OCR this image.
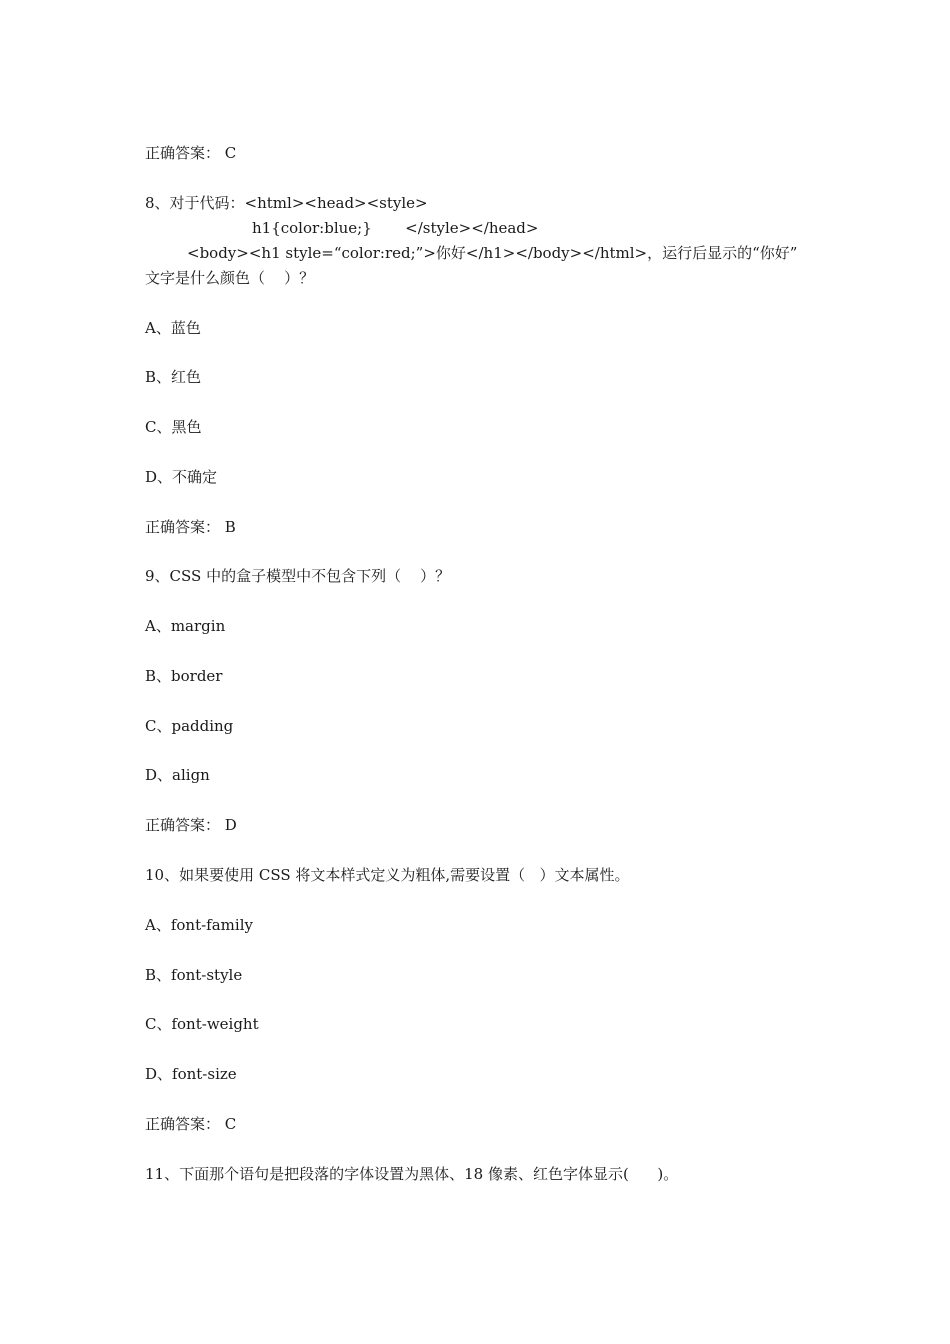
正确答案： C

8、对于代码：<html><head><style>

h1{color:blue;}       </style></head>

<body><h1 style=“color:red;”>你好</h1></body></html>，运行后显示的“你好”

文字是什么颜色（    ）？

A、蓝色

B、红色

C、黑色

D、不确定

正确答案： B

9、CSS 中的盒子模型中不包含下列（    ）？

A、margin

B、border

C、padding

D、align

正确答案： D

10、如果要使用 CSS 将文本样式定义为粗体,需要设置（   ）文本属性。

A、font-family

B、font-style

C、font-weight

D、font-size

正确答案： C

11、下面那个语句是把段落的字体设置为黑体、18 像素、红色字体显示(      )。
